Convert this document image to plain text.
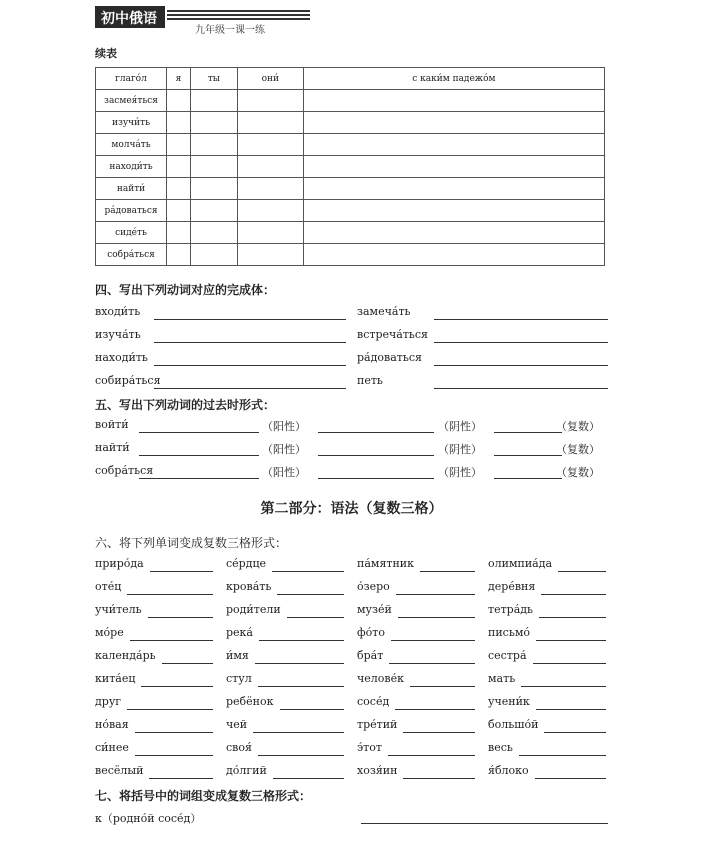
初中俄语
九年级一课一练
续表
глаго́л	я	ты	они́	с каки́м падежо́м
засмея́ться				
изучи́ть				
молча́ть				
находи́ть				
найти́				
ра́доваться				
сиде́ть				
собра́ться				
四、写出下列动词对应的完成体：
входи́ть	замеча́ть
изуча́ть	встреча́ться
находи́ть	ра́доваться
собира́ться	петь
五、写出下列动词的过去时形式：
войти́	（阳性）	（阴性）	（复数）
найти́	（阳性）	（阴性）	（复数）
собра́ться	（阳性）	（阴性）	（复数）
第二部分：语法（复数三格）
六、将下列单词变成复数三格形式：
приро́да	се́рдце	па́мятник	олимпиа́да
оте́ц	крова́ть	о́зеро	дере́вня
учи́тель	роди́тели	музе́й	тетра́дь
мо́ре	река́	фо́то	письмо́
календа́рь	и́мя	бра́т	сестра́
кита́ец	стул	челове́к	мать
друг	ребёнок	сосе́д	учени́к
но́вая	чей	тре́тий	большо́й
си́нее	своя́	э́тот	весь
весёлый	до́лгий	хозя́ин	я́блоко
七、将括号中的词组变成复数三格形式：
к（родно́й сосе́д）
